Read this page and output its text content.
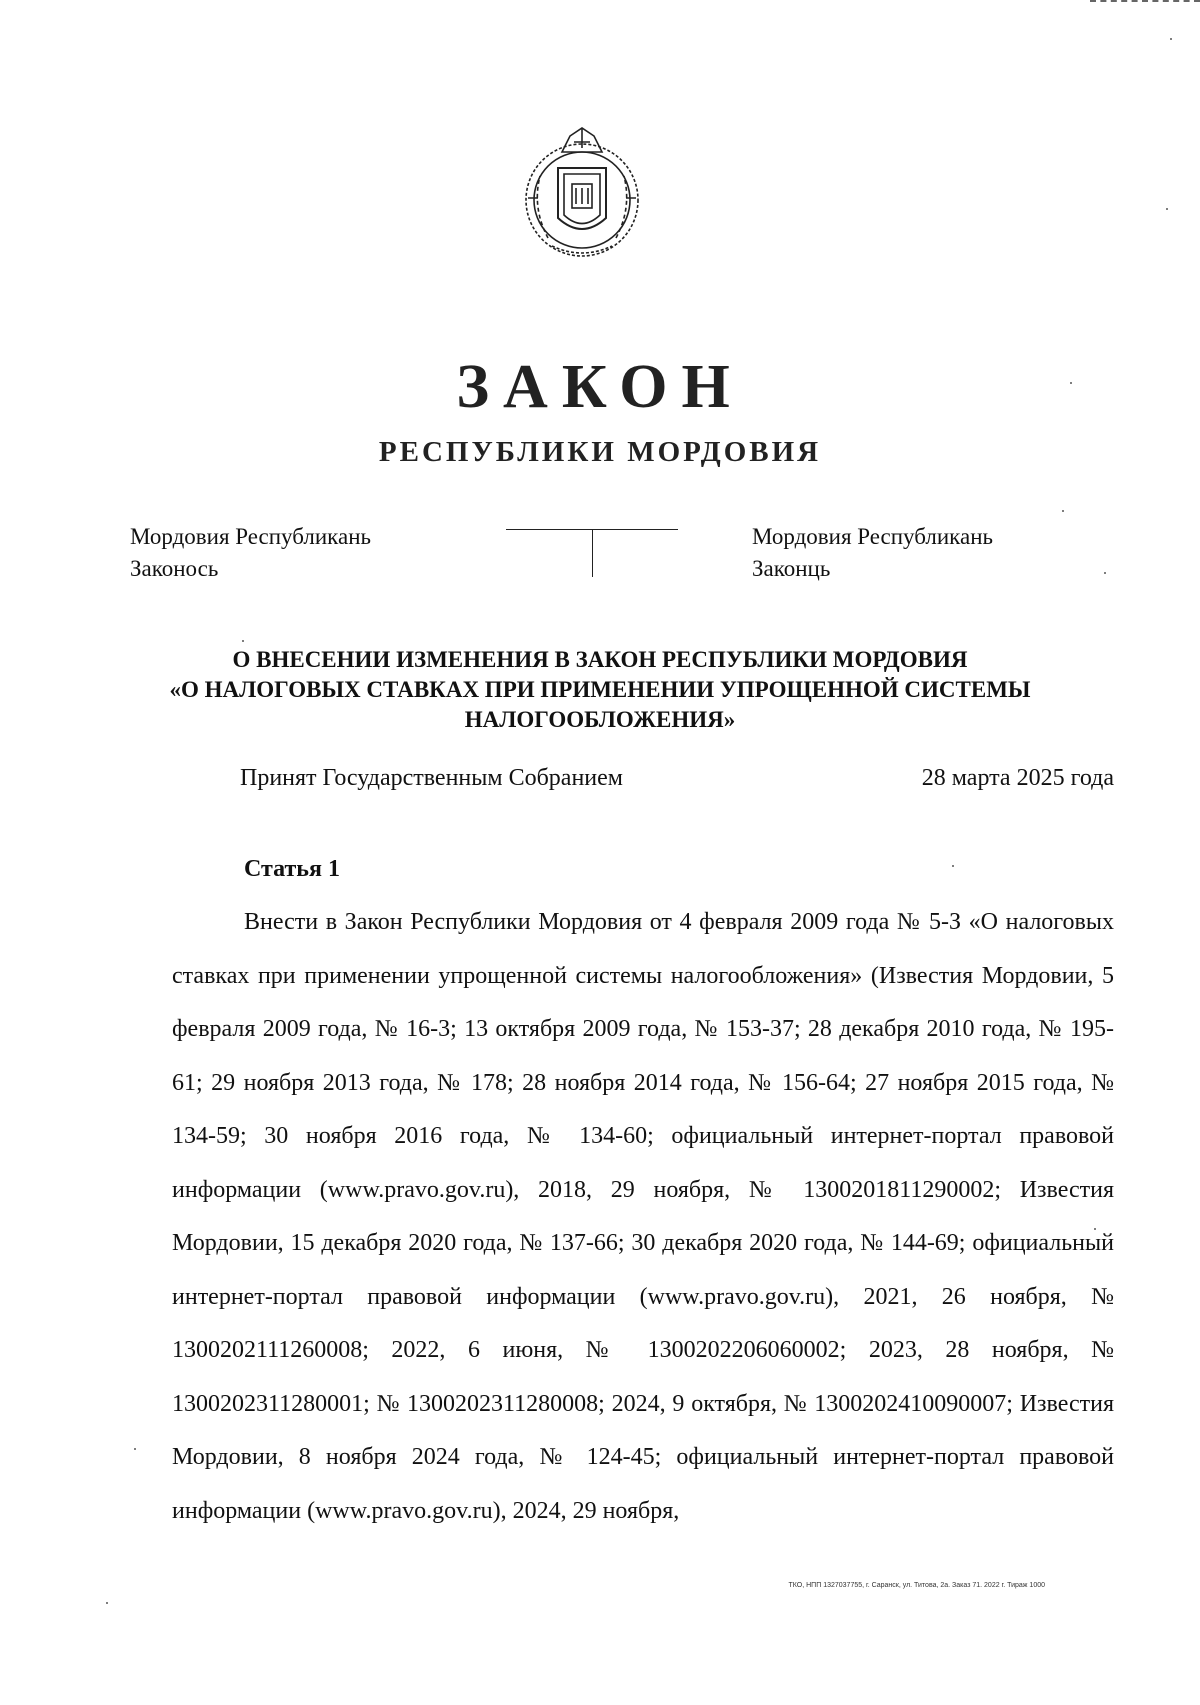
ЗАКОН
РЕСПУБЛИКИ МОРДОВИЯ
Мордовия Республикань
Законось
Мордовия Республикань
Законць
О ВНЕСЕНИИ ИЗМЕНЕНИЯ В ЗАКОН РЕСПУБЛИКИ МОРДОВИЯ
«О НАЛОГОВЫХ СТАВКАХ ПРИ ПРИМЕНЕНИИ УПРОЩЕННОЙ СИСТЕМЫ
НАЛОГООБЛОЖЕНИЯ»
Принят Государственным Собранием	28 марта 2025 года
Статья 1
Внести в Закон Республики Мордовия от 4 февраля 2009 года № 5-З «О налоговых ставках при применении упрощенной системы налогообложения» (Известия Мордовии, 5 февраля 2009 года, № 16-3; 13 октября 2009 года, № 153-37; 28 декабря 2010 года, № 195-61; 29 ноября 2013 года, № 178; 28 ноября 2014 года, № 156-64; 27 ноября 2015 года, № 134-59; 30 ноября 2016 года, № 134-60; официальный интернет-портал правовой информации (www.pravo.gov.ru), 2018, 29 ноября, № 1300201811290002; Известия Мордовии, 15 декабря 2020 года, № 137-66; 30 декабря 2020 года, № 144-69; официальный интернет-портал правовой информации (www.pravo.gov.ru), 2021, 26 ноября, № 1300202111260008; 2022, 6 июня, № 1300202206060002; 2023, 28 ноября, № 1300202311280001; № 1300202311280008; 2024, 9 октября, № 1300202410090007; Известия Мордовии, 8 ноября 2024 года, № 124-45; официальный интернет-портал правовой информации (www.pravo.gov.ru), 2024, 29 ноября,
ТКО, НПП 1327037755, г. Саранск, ул. Титова, 2а. Заказ 71. 2022 г. Тираж 1000
